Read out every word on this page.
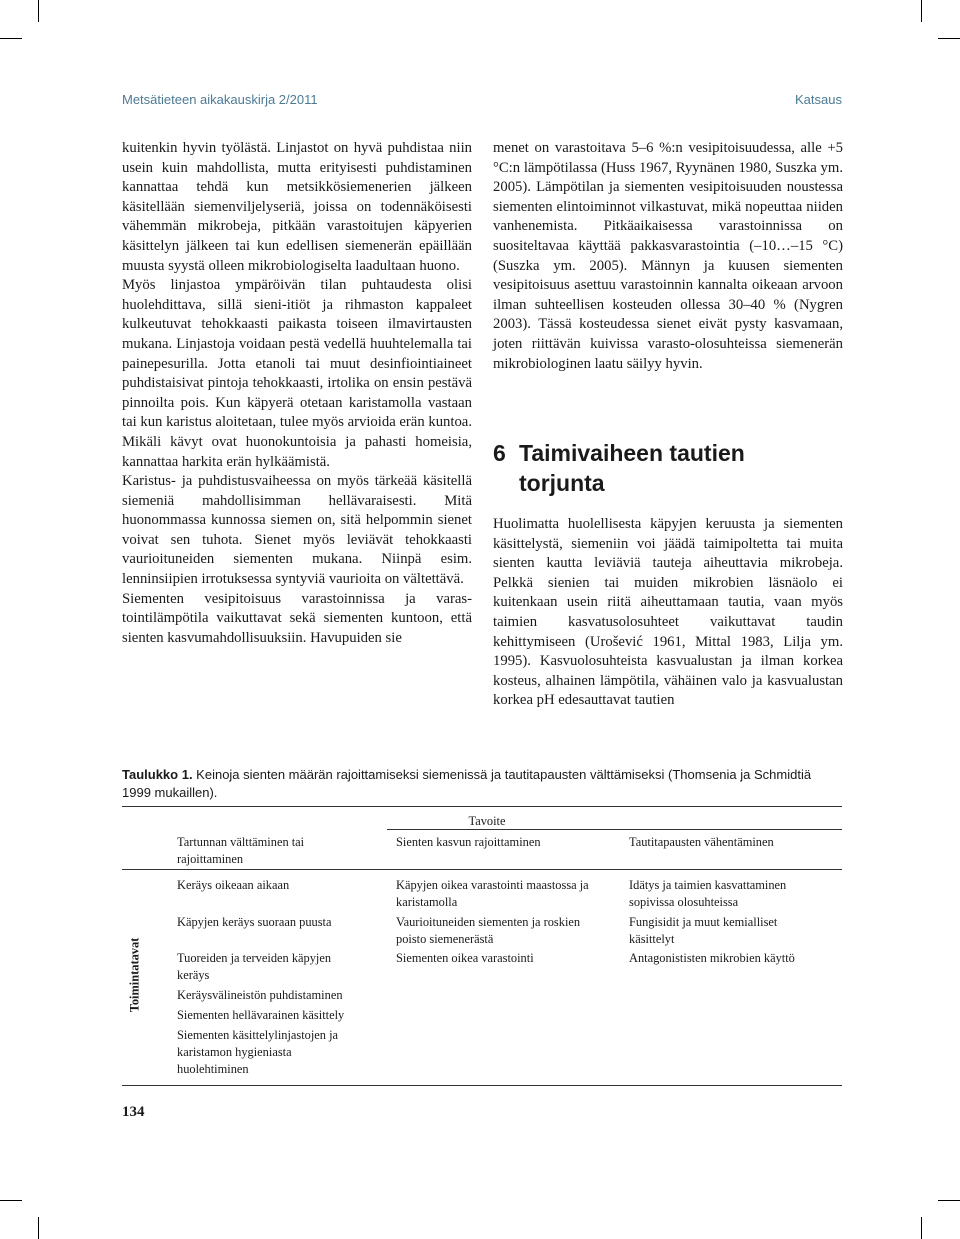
Metsätieteen aikakauskirja 2/2011	Katsaus

kuitenkin hyvin työlästä. Linjastot on hyvä puhdistaa niin usein kuin mahdollista, mutta erityisesti puhdistaminen kannattaa tehdä kun metsikkösiemenerien jälkeen käsitellään siemenviljelyseriä, joissa on todennäköisesti vähemmän mikrobeja, pitkään varastoitujen käpyerien käsittelyn jälkeen tai kun edellisen siemenerän epäillään muusta syystä olleen mikrobiologiselta laadultaan huono.

Myös linjastoa ympäröivän tilan puhtaudesta olisi huolehdittava, sillä sieni-itiöt ja rihmaston kappaleet kulkeutuvat tehokkaasti paikasta toiseen ilmavirtausten mukana. Linjastoja voidaan pestä vedellä huuhtelemalla tai painepesurilla. Jotta etanoli tai muut desinfiointiaineet puhdistaisivat pintoja tehokkaasti, irtolika on ensin pestävä pinnoilta pois. Kun käpyerä otetaan karistamolla vastaan tai kun karistus aloitetaan, tulee myös arvioida erän kuntoa. Mikäli kävyt ovat huonokuntoisia ja pahasti homeisia, kannattaa harkita erän hylkäämistä.

Karistus- ja puhdistusvaiheessa on myös tärkeää käsitellä siemeniä mahdollisimman hellävaraisesti. Mitä huonommassa kunnossa siemen on, sitä helpommin sienet voivat sen tuhota. Sienet myös leviävät tehokkaasti vaurioituneiden siementen mukana. Niinpä esim. lenninsiipien irrotuksessa syntyviä vaurioita on vältettävä.

Siementen vesipitoisuus varastoinnissa ja varastointilämpötila vaikuttavat sekä siementen kuntoon, että sienten kasvumahdollisuuksiin. Havupuiden sie

menet on varastoitava 5–6 %:n vesipitoisuudessa, alle +5 °C:n lämpötilassa (Huss 1967, Ryynänen 1980, Suszka ym. 2005). Lämpötilan ja siementen vesipitoisuuden noustessa siementen elintoiminnot vilkastuvat, mikä nopeuttaa niiden vanhenemista. Pitkäaikaisessa varastoinnissa on suositeltavaa käyttää pakkasvarastointia (–10…–15 °C) (Suszka ym. 2005). Männyn ja kuusen siementen vesipitoisuus asettuu varastoinnin kannalta oikeaan arvoon ilman suhteellisen kosteuden ollessa 30–40 % (Nygren 2003). Tässä kosteudessa sienet eivät pysty kasvamaan, joten riittävän kuivissa varasto-olosuhteissa siemenerän mikrobiologinen laatu säilyy hyvin.

6 Taimivaiheen tautien torjunta

Huolimatta huolellisesta käpyjen keruusta ja siementen käsittelystä, siemeniin voi jäädä taimipoltetta tai muita sienten kautta leviäviä tauteja aiheuttavia mikrobeja. Pelkkä sienien tai muiden mikrobien läsnäolo ei kuitenkaan usein riitä aiheuttamaan tautia, vaan myös taimien kasvatusolosuhteet vaikuttavat taudin kehittymiseen (Urošević 1961, Mittal 1983, Lilja ym. 1995). Kasvuolosuhteista kasvualustan ja ilman korkea kosteus, alhainen lämpötila, vähäinen valo ja kasvualustan korkea pH edesauttavat tautien

Taulukko 1. Keinoja sienten määrän rajoittamiseksi siemenissä ja tautitapausten välttämiseksi (Thomsenia ja Schmidtiä 1999 mukaillen).
Tavoite
Tartunnan välttäminen tai rajoittaminen
Sienten kasvun rajoittaminen	Tautitapausten vähentäminen
Toimintatavat
Keräys oikeaan aikaan
Käpyjen keräys suoraan puusta
Tuoreiden ja terveiden käpyjen keräys
Keräysvälineistön puhdistaminen
Siementen hellävarainen käsittely
Siementen käsittelylinjastojen ja karistamon hygieniasta huolehtiminen
Käpyjen oikea varastointi maastossa ja karistamolla
Vaurioituneiden siementen ja roskien poisto siemenerästä
Siementen oikea varastointi
Idätys ja taimien kasvattaminen sopivissa olosuhteissa
Fungisidit ja muut kemialliset käsittelyt
Antagonististen mikrobien käyttö
134
